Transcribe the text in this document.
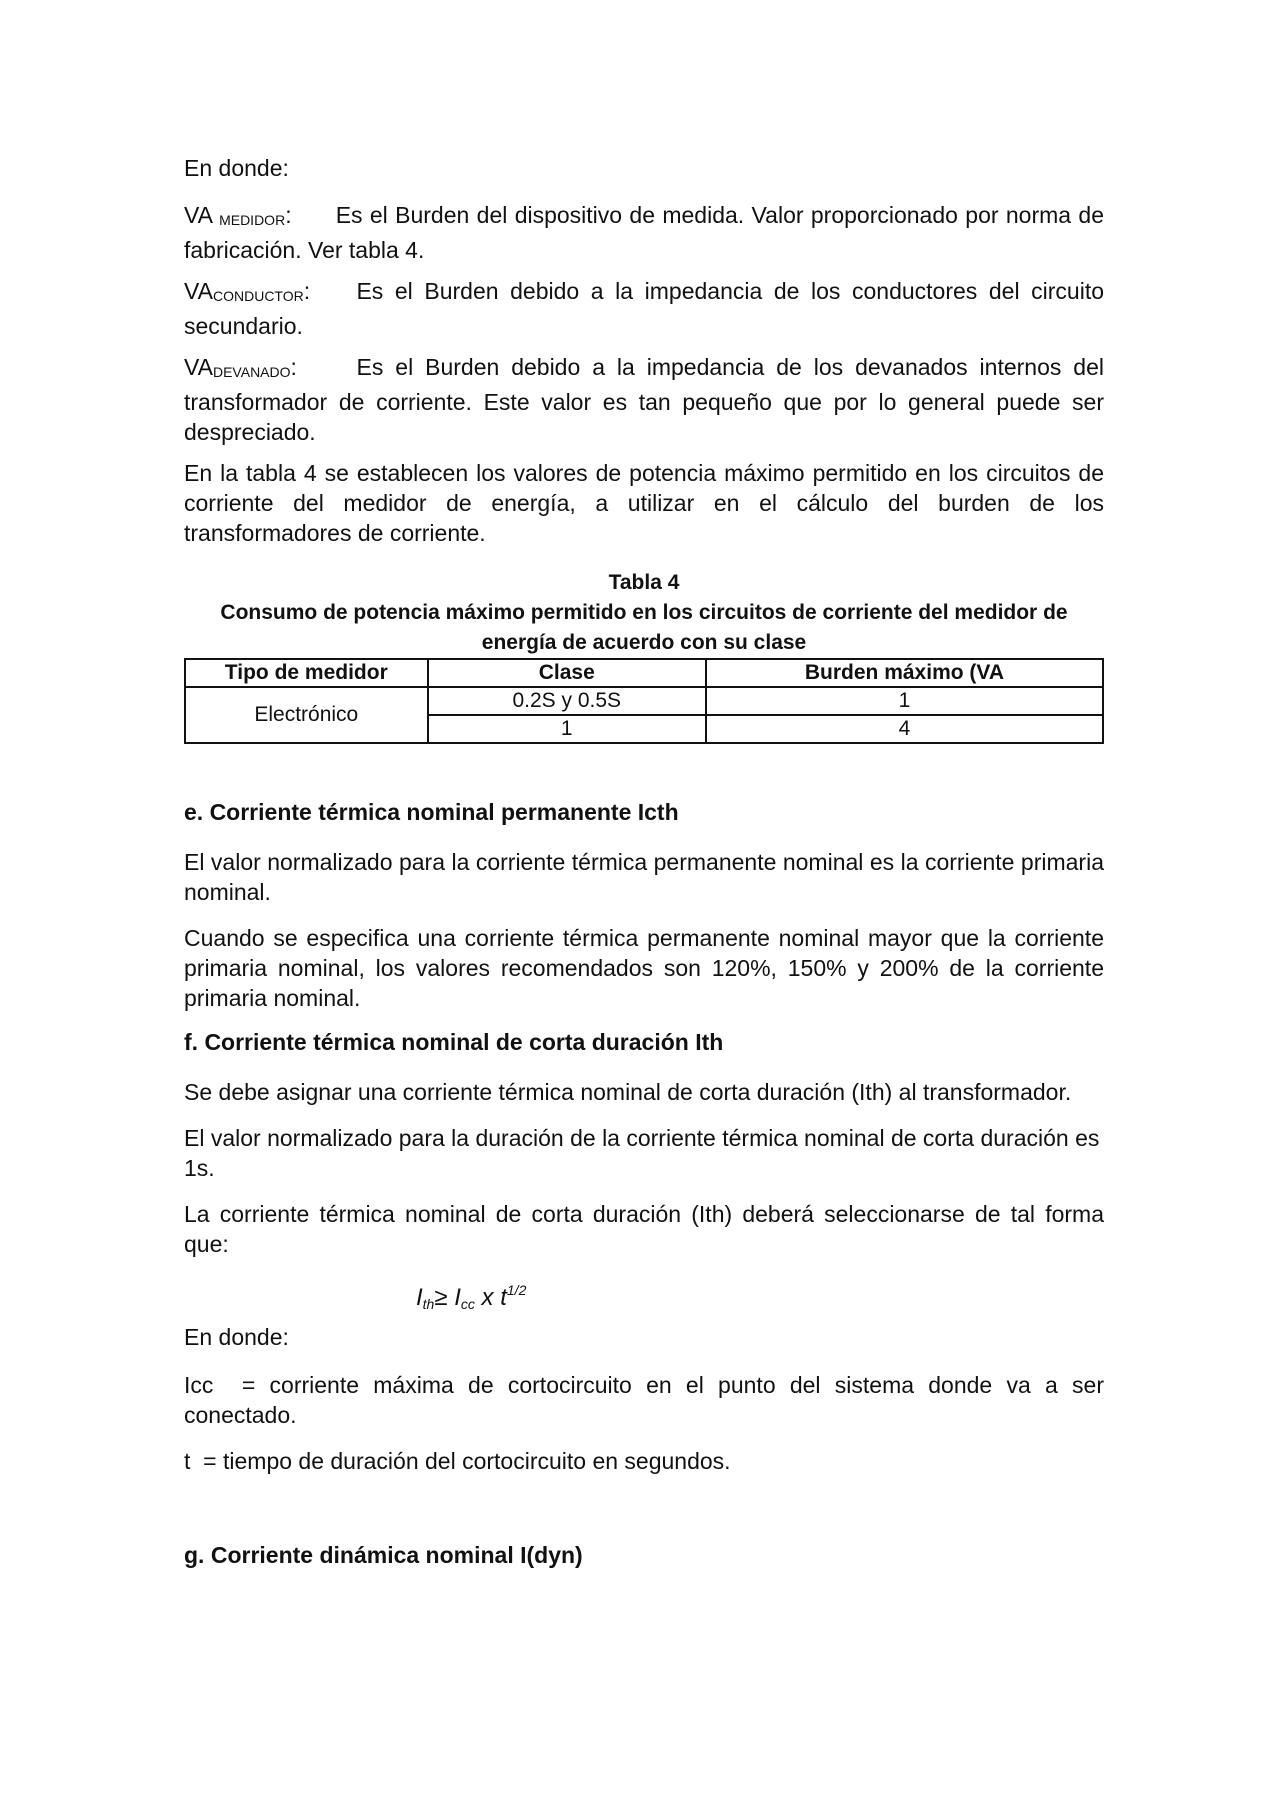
En donde:

VA MEDIDOR: Es el Burden del dispositivo de medida. Valor proporcionado por norma de fabricación. Ver tabla 4.

VACONDUCTOR: Es el Burden debido a la impedancia de los conductores del circuito secundario.

VADEVANADO:	Es el Burden debido a la impedancia de los devanados internos del transformador de corriente. Este valor es tan pequeño que por lo general puede ser despreciado.

En la tabla 4 se establecen los valores de potencia máximo permitido en los circuitos de corriente del medidor de energía, a utilizar en el cálculo del burden de los transformadores de corriente.

Tabla 4

Consumo de potencia máximo permitido en los circuitos de corriente del medidor de energía de acuerdo con su clase

Tipo de medidor	Clase	Burden máximo (VA
Electrónico	0.2S y 0.5S	1
	1	4

e. Corriente térmica nominal permanente Icth

El valor normalizado para la corriente térmica permanente nominal es la corriente primaria nominal.

Cuando se especifica una corriente térmica permanente nominal mayor que la corriente primaria nominal, los valores recomendados son 120%, 150% y 200% de la corriente primaria nominal.

f. Corriente térmica nominal de corta duración Ith

Se debe asignar una corriente térmica nominal de corta duración (Ith) al transformador.

El valor normalizado para la duración de la corriente térmica nominal de corta duración es 1s.

La corriente térmica nominal de corta duración (Ith) deberá seleccionarse de tal forma que:

Ith≥ Icc x $t^{1/2}$

En donde:

Icc  = corriente máxima de cortocircuito en el punto del sistema donde va a ser conectado.

t  = tiempo de duración del cortocircuito en segundos.

g. Corriente dinámica nominal I(dyn)
